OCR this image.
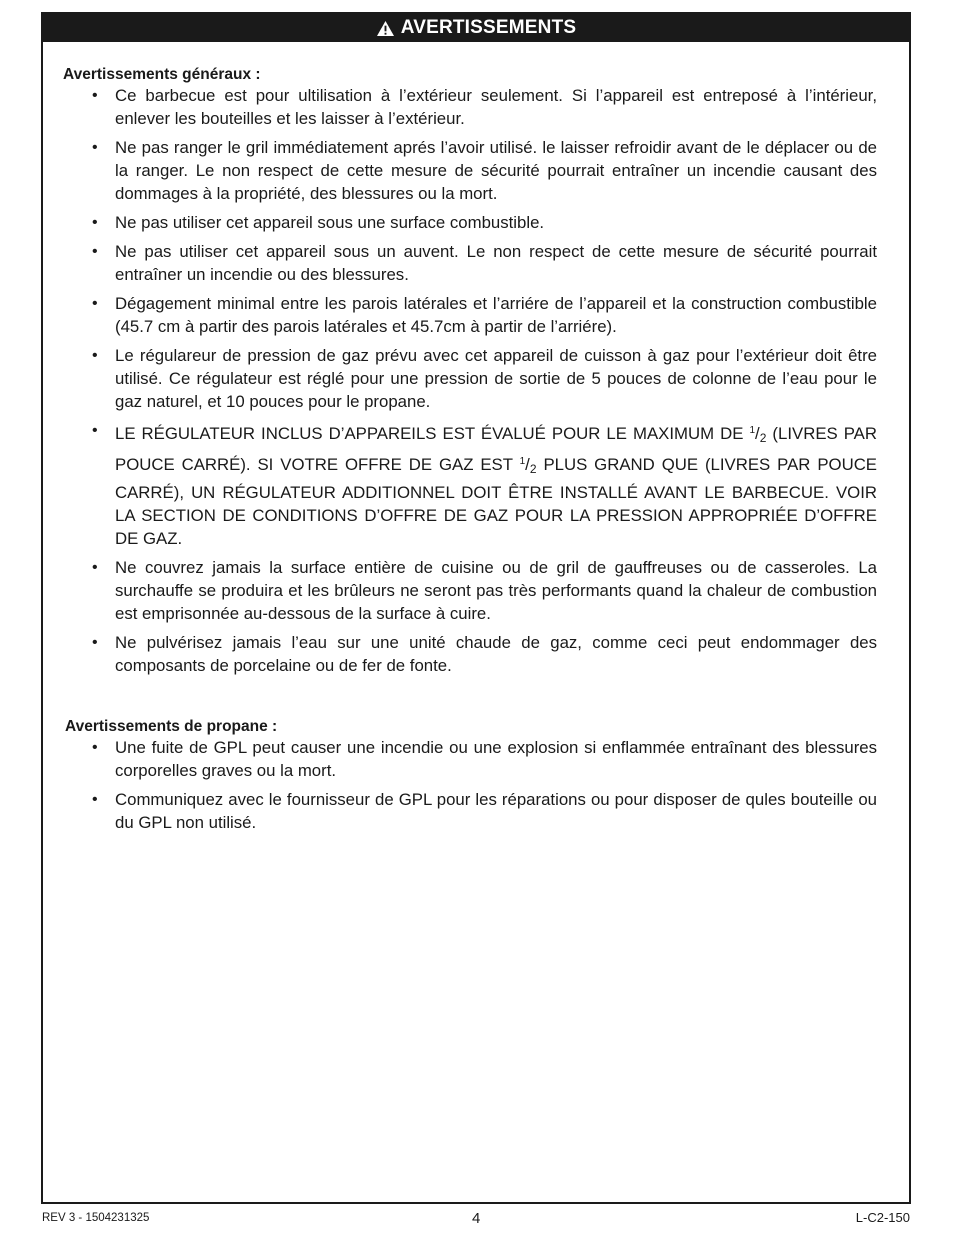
AVERTISSEMENTS

Avertissements généraux :

• Ce barbecue est pour ultilisation à l’extérieur seulement. Si l’appareil est entreposé à l’intérieur, enlever les bouteilles et les laisser à l’extérieur.
• Ne pas ranger le gril immédiatement aprés l’avoir utilisé. le laisser refroidir avant de le déplacer ou de la ranger. Le non respect de cette mesure de sécurité pourrait entraîner un incendie causant des dommages à la propriété, des blessures ou la mort.
• Ne pas utiliser cet appareil sous une surface combustible.
• Ne pas utiliser cet appareil sous un auvent. Le non respect de cette mesure de sécurité pourrait entraîner un incendie ou des blessures.
• Dégagement minimal entre les parois latérales et l’arriére de l’appareil et la construction combustible (45.7 cm à partir des parois latérales et 45.7cm à partir de l’arriére).
• Le régulareur de pression de gaz prévu avec cet appareil de cuisson à gaz pour l’extérieur doit être utilisé. Ce régulateur est réglé pour une pression de sortie de 5 pouces de colonne de l’eau pour le gaz naturel, et 10 pouces pour le propane.
• LE RÉGULATEUR INCLUS D’APPAREILS EST ÉVALUÉ POUR LE MAXIMUM DE $^1/_2$ (LIVRES PAR POUCE CARRÉ). SI VOTRE OFFRE DE GAZ EST $^1/_2$ PLUS GRAND QUE (LIVRES PAR POUCE CARRÉ), UN RÉGULATEUR ADDITIONNEL DOIT ÊTRE INSTALLÉ AVANT LE BARBECUE. VOIR LA SECTION DE CONDITIONS D’OFFRE DE GAZ POUR LA PRESSION APPROPRIÉE D’OFFRE DE GAZ.
• Ne couvrez jamais la surface entière de cuisine ou de gril de gauffreuses ou de casseroles. La surchauffe se produira et les brûleurs ne seront pas très performants quand la chaleur de combustion est emprisonnée au-dessous de la surface à cuire.
• Ne pulvérisez jamais l’eau sur une unité chaude de gaz, comme ceci peut endommager des composants de porcelaine ou de fer de fonte.

Avertissements de propane :

• Une fuite de GPL peut causer une incendie ou une explosion si enflammée entraînant des blessures corporelles graves ou la mort.
• Communiquez avec le fournisseur de GPL pour les réparations ou pour disposer de qules bouteille ou du GPL non utilisé.
REV 3 - 1504231325	4	L-C2-150
